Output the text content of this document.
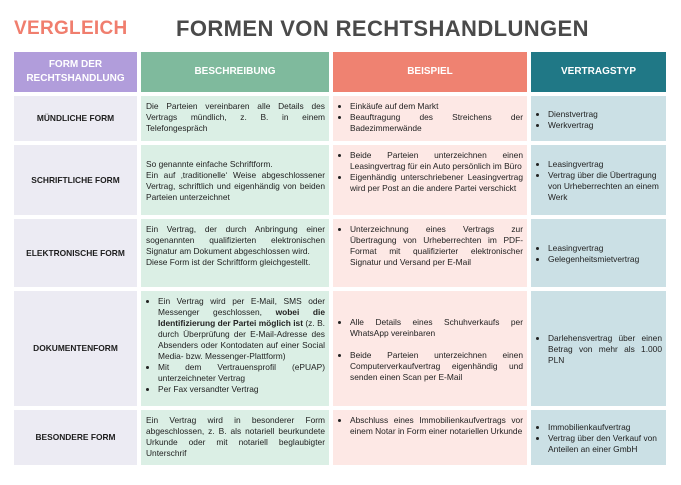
VERGLEICH FORMEN VON RECHTSHANDLUNGEN
FORM DER RECHTSHANDLUNG
BESCHREIBUNG	BEISPIEL	VERTRAGSTYP
MÜNDLICHE FORM
Die Parteien vereinbaren alle Details des Vertrags mündlich, z. B. in einem Telefongespräch
• Einkäufe auf dem Markt
• Beauftragung des Streichens der Badezimmerwände
• Dienstvertrag
• Werkvertrag
SCHRIFTLICHE FORM
So genannte einfache Schriftform.
Ein auf ‚traditionelle‘ Weise abgeschlossener Vertrag, schriftlich und eigenhändig von beiden Parteien unterzeichnet
• Beide Parteien unterzeichnen einen Leasingvertrag für ein Auto persönlich im Büro
• Eigenhändig unterschriebener Leasingvertrag wird per Post an die andere Partei verschickt
• Leasingvertrag
• Vertrag über die Übertragung von Urheberrechten an einem Werk
ELEKTRONISCHE FORM
Ein Vertrag, der durch Anbringung einer sogenannten qualifizierten elektronischen Signatur am Dokument abgeschlossen wird.
Diese Form ist der Schriftform gleichgestellt.
• Unterzeichnung eines Vertrags zur Übertragung von Urheberrechten im PDF-Format mit qualifizierter elektronischer Signatur und Versand per E-Mail
• Leasingvertrag
• Gelegenheitsmietvertrag
DOKUMENTENFORM
• Ein Vertrag wird per E-Mail, SMS oder Messenger geschlossen, wobei die Identifizierung der Partei möglich ist (z. B. durch Überprüfung der E-Mail-Adresse des Absenders oder Kontodaten auf einer Social Media- bzw. Messenger-Plattform)
• Mit dem Vertrauensprofil (ePUAP) unterzeichneter Vertrag
• Per Fax versandter Vertrag
• Alle Details eines Schuhverkaufs per WhatsApp vereinbaren
• Beide Parteien unterzeichnen einen Computerverkaufvertrag eigenhändig und senden einen Scan per E-Mail
• Darlehensvertrag über einen Betrag von mehr als 1.000 PLN
BESONDERE FORM
Ein Vertrag wird in besonderer Form abgeschlossen, z. B. als notariell beurkundete Urkunde oder mit notariell beglaubigter Unterschrif
• Abschluss eines Immobilienkaufvertrags vor einem Notar in Form einer notariellen Urkunde
•	Immobilienkaufvertrag
• Vertrag über den Verkauf von Anteilen an einer GmbH
